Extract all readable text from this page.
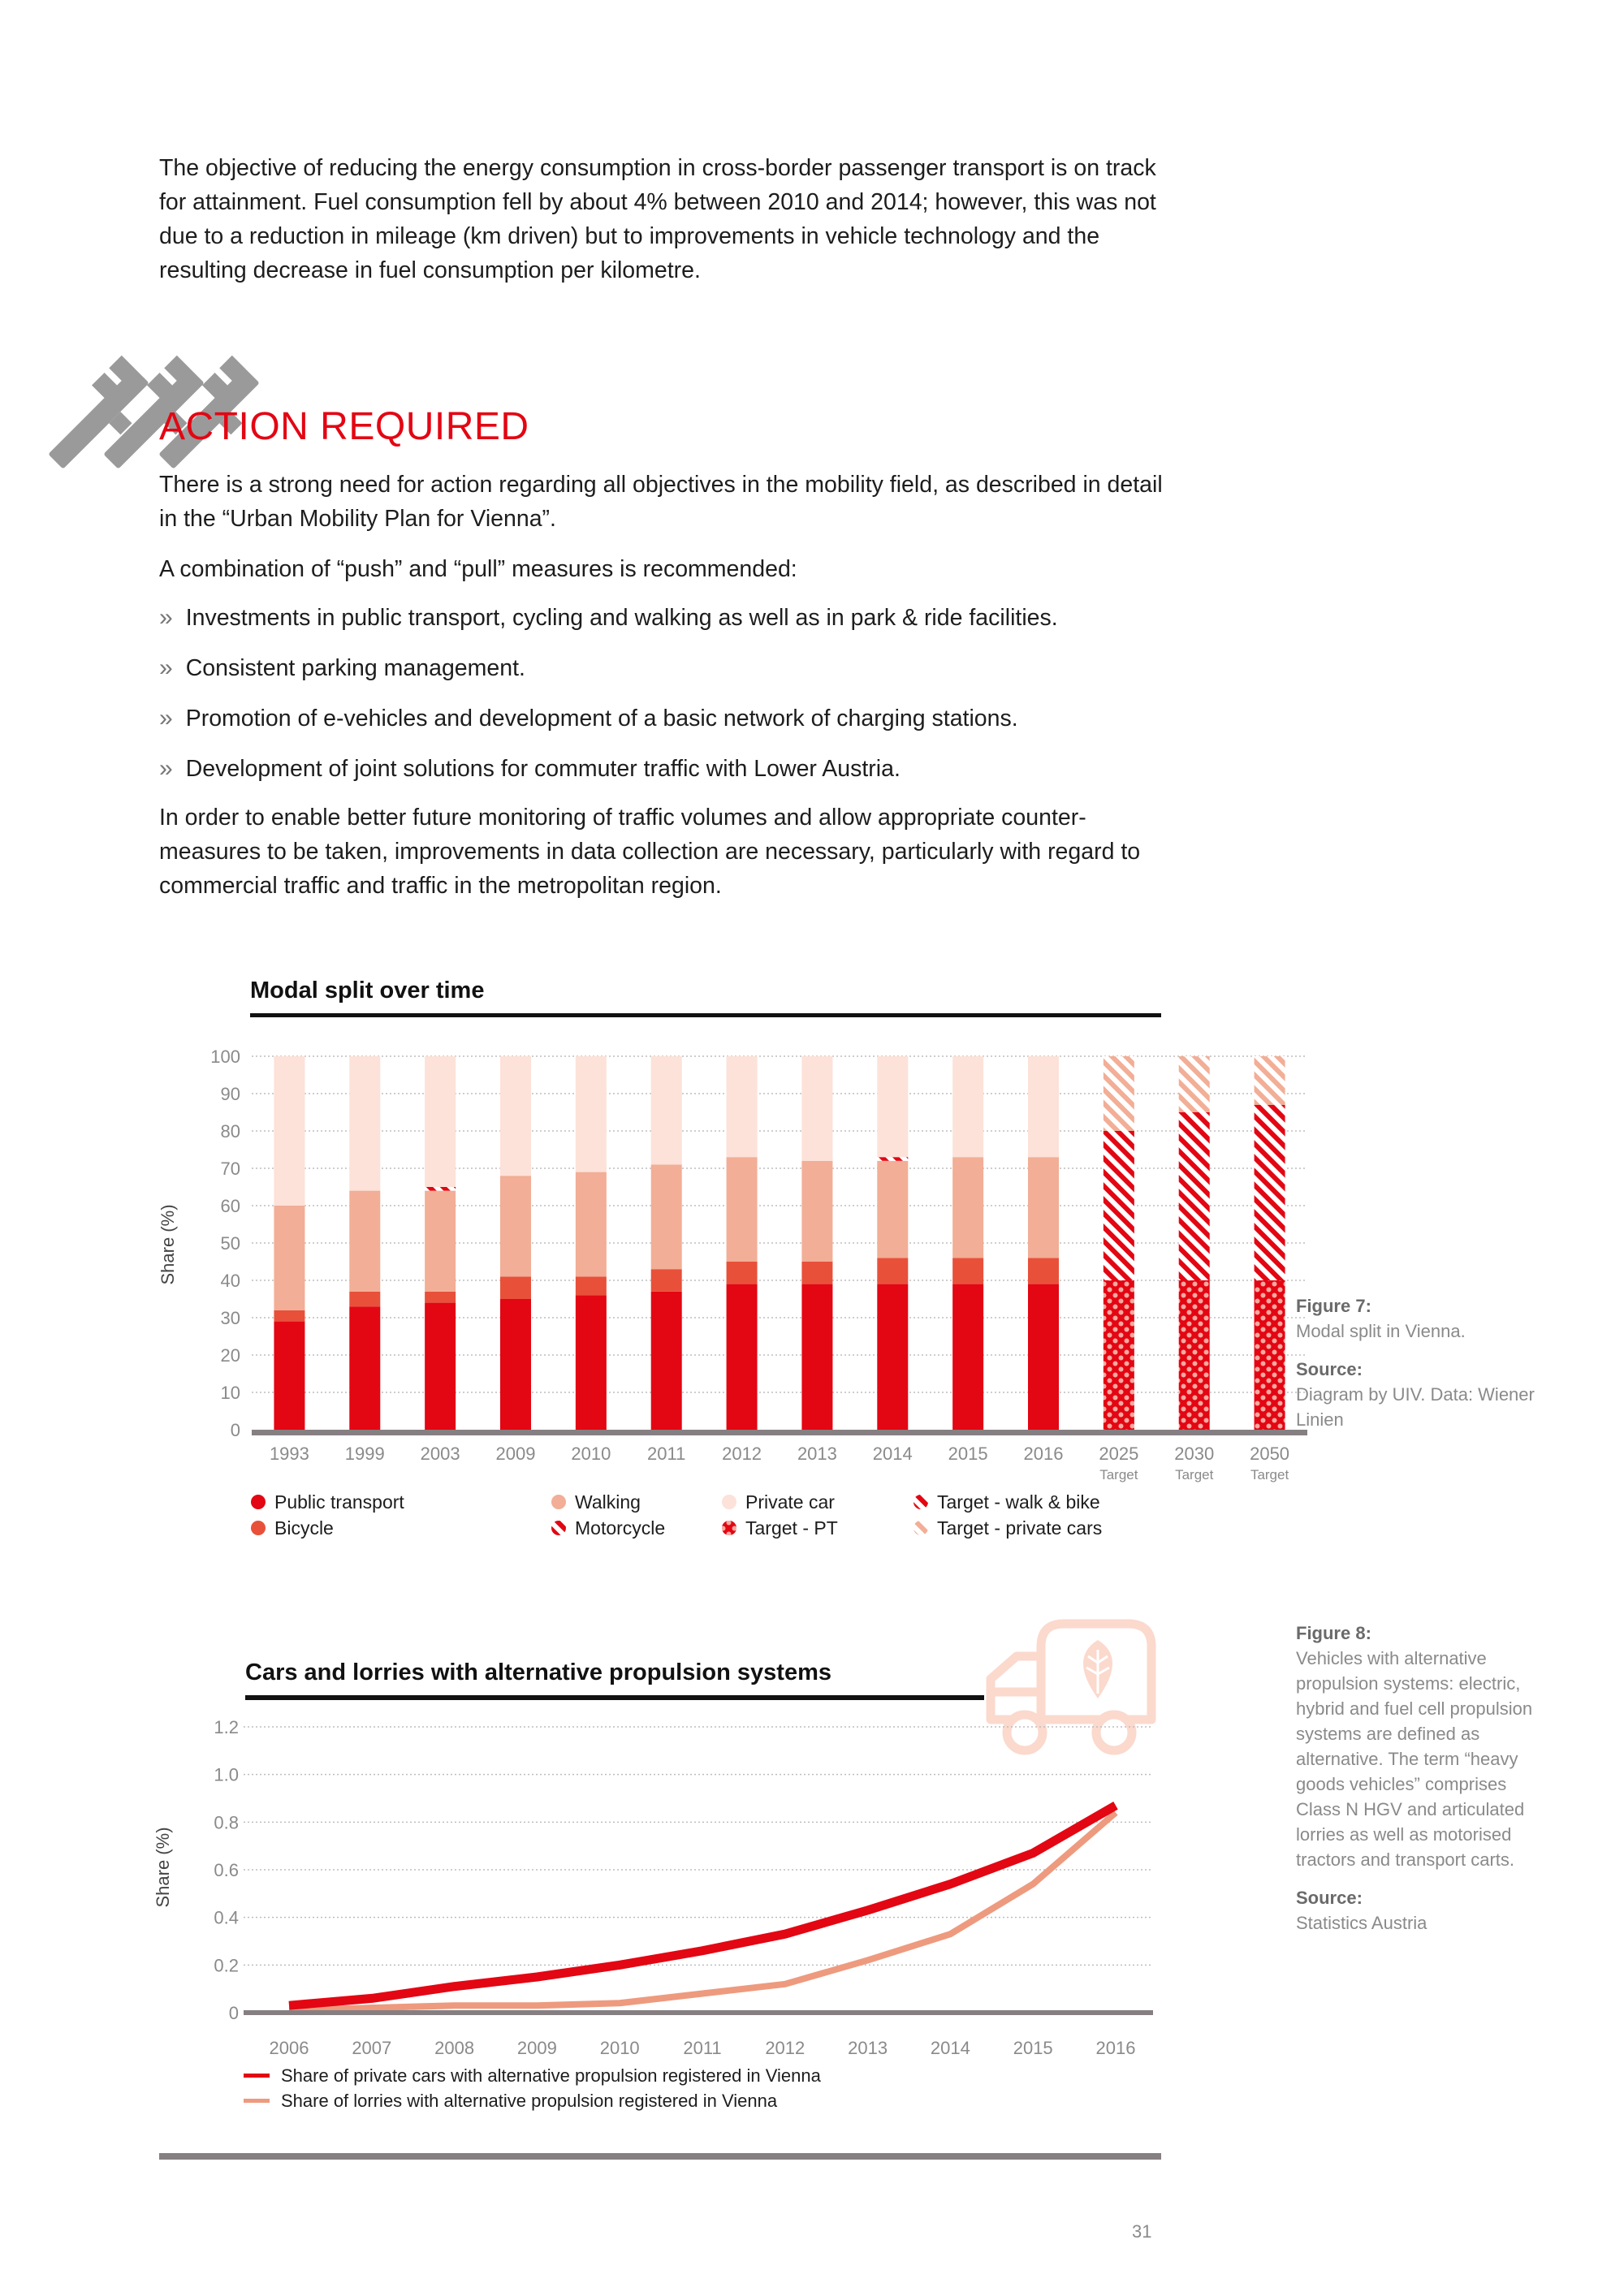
The objective of reducing the energy consumption in cross-border passenger transport is on track for attainment. Fuel consumption fell by about 4% between 2010 and 2014; however, this was not due to a reduction in mileage (km driven) but to improvements in vehicle technology and the resulting decrease in fuel consumption per kilometre.

ACTION REQUIRED

There is a strong need for action regarding all objectives in the mobility field, as described in detail in the “Urban Mobility Plan for Vienna”.

A combination of “push” and “pull” measures is recommended:

» Investments in public transport, cycling and walking as well as in park & ride facilities.
» Consistent parking management.
» Promotion of e-vehicles and development of a basic network of charging stations.
» Development of joint solutions for commuter traffic with Lower Austria.

In order to enable better future monitoring of traffic volumes and allow appropriate counter-measures to be taken, improvements in data collection are necessary, particularly with regard to commercial traffic and traffic in the metropolitan region.

Modal split over time
0
10
20
30
40
50
60
70
80
90
100
1993 1999 2003 2009 2010 2011 2012 2013 2014 2015 2016 2025
Target
2030
Target
2050
Target
Share (%)
Public transport	Walking	Private car	Target - walk & bike
Bicycle	Motorcycle	Target - PT	Target - private cars
Figure 7:
Modal split in Vienna.
Source:
Diagram by UIV. Data: Wiener Linien
Cars and lorries with alternative propulsion systems
0
0.2
0.4
0.6
0.8
1.0
1.2
2006 2007 2008 2009 2010 2011 2012 2013 2014 2015 2016
Share (%)
Share of private cars with alternative propulsion registered in Vienna
Share of lorries with alternative propulsion registered in Vienna
Figure 8:
Vehicles with alternative propulsion systems: electric, hybrid and fuel cell propulsion systems are defined as alternative. The term “heavy goods vehicles” comprises Class N HGV and articulated lorries as well as motorised tractors and transport carts.
Source:
Statistics Austria
31
